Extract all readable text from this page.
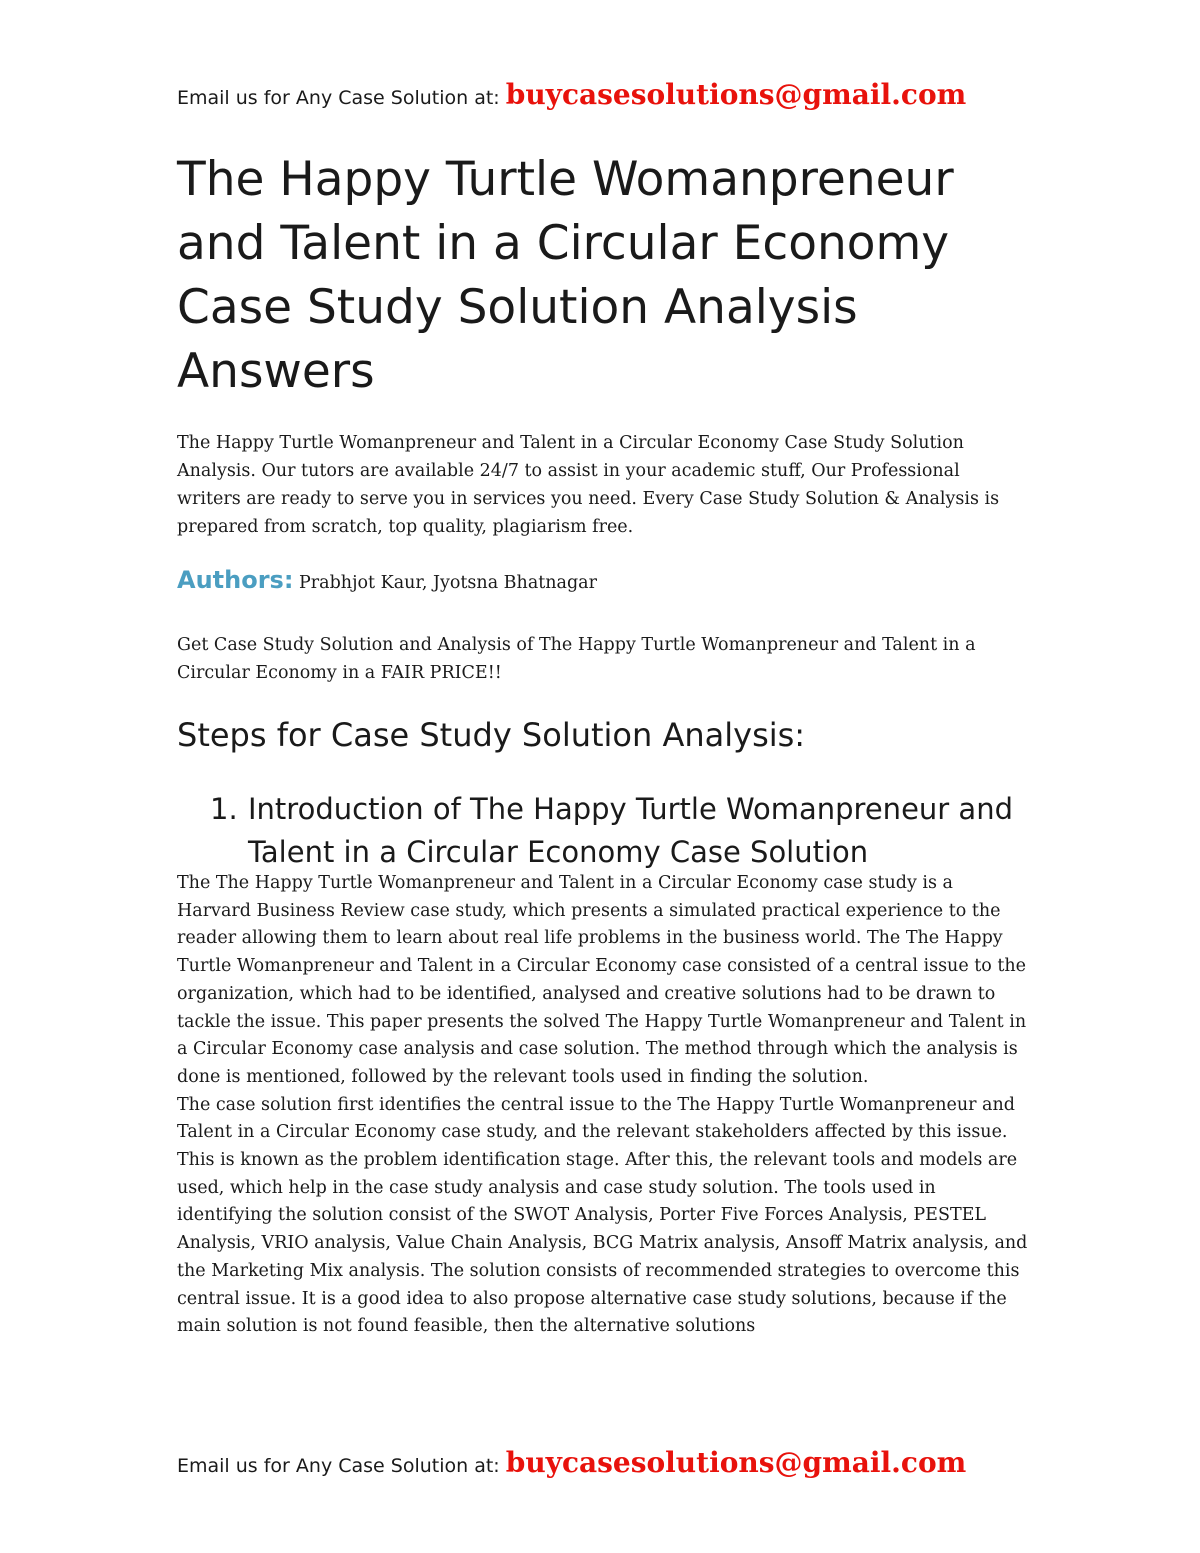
Email us for Any Case Solution at: buycasesolutions@gmail.com
The Happy Turtle Womanpreneur and Talent in a Circular Economy Case Study Solution Analysis Answers

The Happy Turtle Womanpreneur and Talent in a Circular Economy Case Study Solution Analysis. Our tutors are available 24/7 to assist in your academic stuff, Our Professional writers are ready to serve you in services you need. Every Case Study Solution & Analysis is prepared from scratch, top quality, plagiarism free.

Authors: Prabhjot Kaur, Jyotsna Bhatnagar

Get Case Study Solution and Analysis of The Happy Turtle Womanpreneur and Talent in a Circular Economy in a FAIR PRICE!!

Steps for Case Study Solution Analysis:
1. Introduction of The Happy Turtle Womanpreneur and Talent in a Circular Economy Case Solution

The The Happy Turtle Womanpreneur and Talent in a Circular Economy case study is a Harvard Business Review case study, which presents a simulated practical experience to the reader allowing them to learn about real life problems in the business world. The The Happy Turtle Womanpreneur and Talent in a Circular Economy case consisted of a central issue to the organization, which had to be identified, analysed and creative solutions had to be drawn to tackle the issue. This paper presents the solved The Happy Turtle Womanpreneur and Talent in a Circular Economy case analysis and case solution. The method through which the analysis is done is mentioned, followed by the relevant tools used in finding the solution.

The case solution first identifies the central issue to the The Happy Turtle Womanpreneur and Talent in a Circular Economy case study, and the relevant stakeholders affected by this issue. This is known as the problem identification stage. After this, the relevant tools and models are used, which help in the case study analysis and case study solution. The tools used in identifying the solution consist of the SWOT Analysis, Porter Five Forces Analysis, PESTEL Analysis, VRIO analysis, Value Chain Analysis, BCG Matrix analysis, Ansoff Matrix analysis, and the Marketing Mix analysis. The solution consists of recommended strategies to overcome this central issue. It is a good idea to also propose alternative case study solutions, because if the main solution is not found feasible, then the alternative solutions

Email us for Any Case Solution at: buycasesolutions@gmail.com
